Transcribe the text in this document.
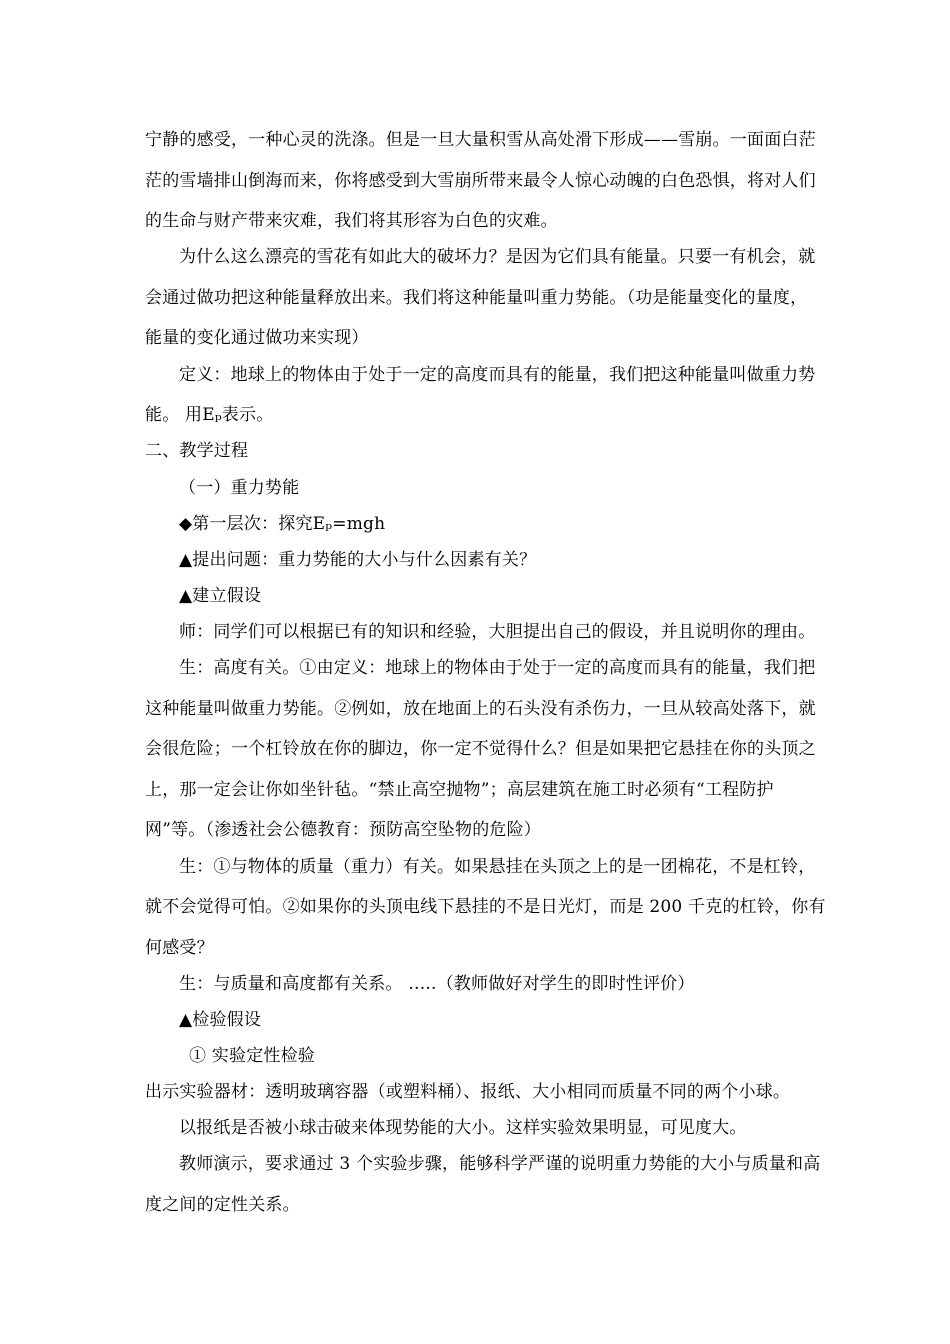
宁静的感受，一种心灵的洗涤。但是一旦大量积雪从高处滑下形成——雪崩。一面面白茫
茫的雪墙排山倒海而来，你将感受到大雪崩所带来最令人惊心动魄的白色恐惧，将对人们
的生命与财产带来灾难，我们将其形容为白色的灾难。
为什么这么漂亮的雪花有如此大的破坏力？是因为它们具有能量。只要一有机会，就
会通过做功把这种能量释放出来。我们将这种能量叫重力势能。（功是能量变化的量度，
能量的变化通过做功来实现）
定义：地球上的物体由于处于一定的高度而具有的能量，我们把这种能量叫做重力势
能。 用Eₚ表示。
二、教学过程
（一）重力势能
◆第一层次：探究Eₚ=mgh
▲提出问题：重力势能的大小与什么因素有关？
▲建立假设
师：同学们可以根据已有的知识和经验，大胆提出自己的假设，并且说明你的理由。
生：高度有关。①由定义：地球上的物体由于处于一定的高度而具有的能量，我们把
这种能量叫做重力势能。②例如，放在地面上的石头没有杀伤力，一旦从较高处落下，就
会很危险；一个杠铃放在你的脚边，你一定不觉得什么？但是如果把它悬挂在你的头顶之
上，那一定会让你如坐针毡。“禁止高空抛物”；高层建筑在施工时必须有“工程防护
网”等。（渗透社会公德教育：预防高空坠物的危险）
生：①与物体的质量（重力）有关。如果悬挂在头顶之上的是一团棉花，不是杠铃，
就不会觉得可怕。②如果你的头顶电线下悬挂的不是日光灯，而是 200 千克的杠铃，你有
何感受？
生：与质量和高度都有关系。 …..（教师做好对学生的即时性评价）
▲检验假设
① 实验定性检验
出示实验器材：透明玻璃容器（或塑料桶）、报纸、大小相同而质量不同的两个小球。
以报纸是否被小球击破来体现势能的大小。这样实验效果明显，可见度大。
教师演示，要求通过 3 个实验步骤，能够科学严谨的说明重力势能的大小与质量和高
度之间的定性关系。
